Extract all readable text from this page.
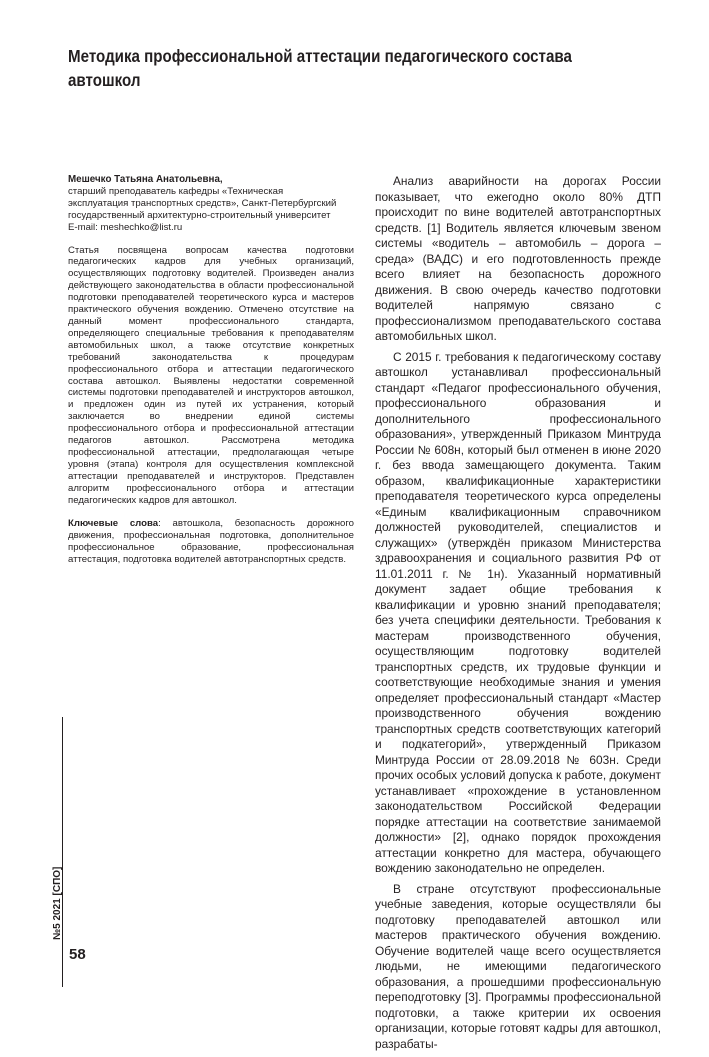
Методика профессиональной аттестации педагогического состава автошкол
Мешечко Татьяна Анатольевна,
старший преподаватель кафедры «Техническая
эксплуатация транспортных средств», Санкт-Петербургский
государственный архитектурно-строительный университет
E-mail: meshechko@list.ru

Статья посвящена вопросам качества подготовки педагогических кадров для учебных организаций, осуществляющих подготовку водителей. Произведен анализ действующего законодательства в области профессиональной подготовки преподавателей теоретического курса и мастеров практического обучения вождению. Отмечено отсутствие на данный момент профессионального стандарта, определяющего специальные требования к преподавателям автомобильных школ, а также отсутствие конкретных требований законодательства к процедурам профессионального отбора и аттестации педагогического состава автошкол. Выявлены недостатки современной системы подготовки преподавателей и инструкторов автошкол, и предложен один из путей их устранения, который заключается во внедрении единой системы профессионального отбора и профессиональной аттестации педагогов автошкол. Рассмотрена методика профессиональной аттестации, предполагающая четыре уровня (этапа) контроля для осуществления комплексной аттестации преподавателей и инструкторов. Представлен алгоритм профессионального отбора и аттестации педагогических кадров для автошкол.

Ключевые слова: автошкола, безопасность дорожного движения, профессиональная подготовка, дополнительное профессиональное образование, профессиональная аттестация, подготовка водителей автотранспортных средств.

Анализ аварийности на дорогах России показывает, что ежегодно около 80% ДТП происходит по вине водителей автотранспортных средств. [1] Водитель является ключевым звеном системы «водитель – автомобиль – дорога – среда» (ВАДС) и его подготовленность прежде всего влияет на безопасность дорожного движения. В свою очередь качество подготовки водителей напрямую связано с профессионализмом преподавательского состава автомобильных школ.

С 2015 г. требования к педагогическому составу автошкол устанавливал профессиональный стандарт «Педагог профессионального обучения, профессионального образования и дополнительного профессионального образования», утвержденный Приказом Минтруда России № 608н, который был отменен в июне 2020 г. без ввода замещающего документа. Таким образом, квалификационные характеристики преподавателя теоретического курса определены «Единым квалификационным справочником должностей руководителей, специалистов и служащих» (утверждён приказом Министерства здравоохранения и социального развития РФ от 11.01.2011 г. № 1н). Указанный нормативный документ задает общие требования к квалификации и уровню знаний преподавателя; без учета специфики деятельности. Требования к мастерам производственного обучения, осуществляющим подготовку водителей транспортных средств, их трудовые функции и соответствующие необходимые знания и умения определяет профессиональный стандарт «Мастер производственного обучения вождению транспортных средств соответствующих категорий и подкатегорий», утвержденный Приказом Минтруда России от 28.09.2018 № 603н. Среди прочих особых условий допуска к работе, документ устанавливает «прохождение в установленном законодательством Российской Федерации порядке аттестации на соответствие занимаемой должности» [2], однако порядок прохождения аттестации конкретно для мастера, обучающего вождению законодательно не определен.

В стране отсутствуют профессиональные учебные заведения, которые осуществляли бы подготовку преподавателей автошкол или мастеров практического обучения вождению. Обучение водителей чаще всего осуществляется людьми, не имеющими педагогического образования, а прошедшими профессиональную переподготовку [3]. Программы профессиональной подготовки, а также критерии их освоения организации, которые готовят кадры для автошкол, разрабаты-

№5 2021 [СПО]
58
